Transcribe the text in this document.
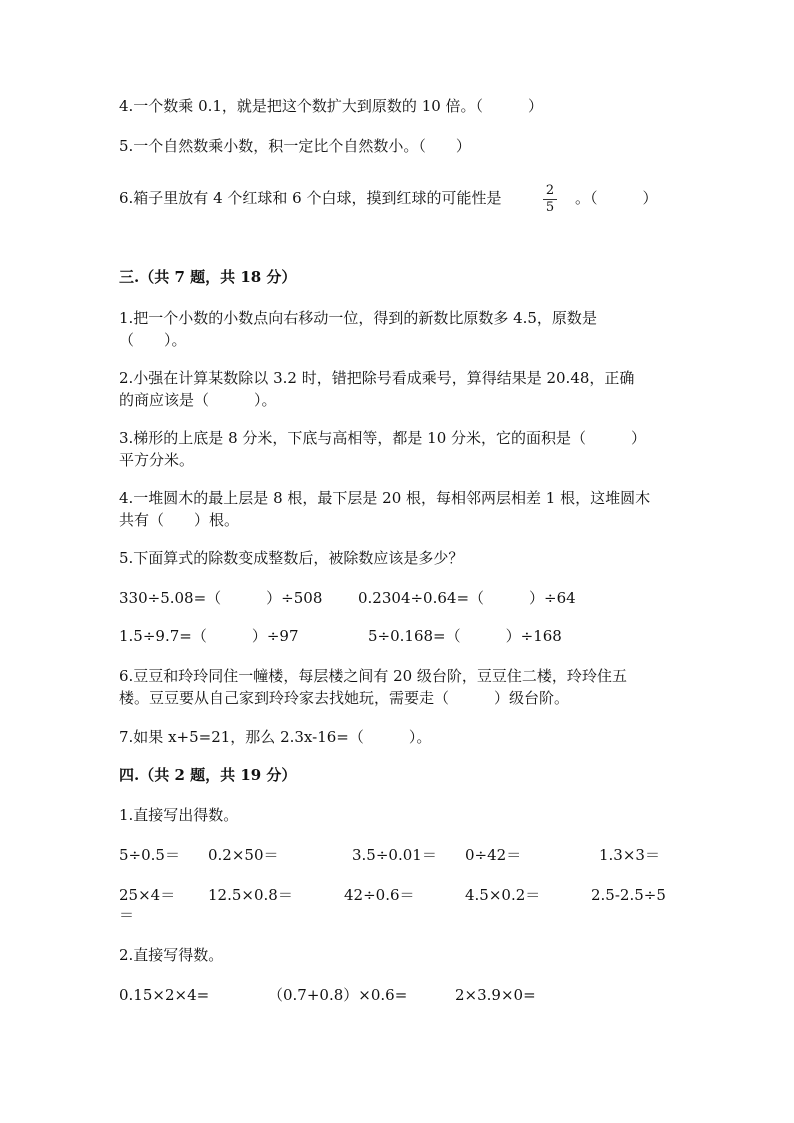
4.一个数乘 0.1，就是把这个数扩大到原数的 10 倍。（　　　）
5.一个自然数乘小数，积一定比个自然数小。（　　）
6.箱子里放有 4 个红球和 6 个白球，摸到红球的可能性是	2
5
。（　　　）
三.（共 7 题，共 18 分）
1.把一个小数的小数点向右移动一位，得到的新数比原数多 4.5，原数是
（　　）。
2.小强在计算某数除以 3.2 时，错把除号看成乘号，算得结果是 20.48，正确
的商应该是（　　　）。
3.梯形的上底是 8 分米，下底与高相等，都是 10 分米，它的面积是（　　　）
平方分米。
4.一堆圆木的最上层是 8 根，最下层是 20 根，每相邻两层相差 1 根，这堆圆木
共有（　　）根。
5.下面算式的除数变成整数后，被除数应该是多少？
330÷5.08=（　　　）÷508 0.2304÷0.64=（　　　）÷64
1.5÷9.7=（　　　）÷97	5÷0.168=（　　　）÷168
6.豆豆和玲玲同住一幢楼，每层楼之间有 20 级台阶，豆豆住二楼，玲玲住五
楼。豆豆要从自己家到玲玲家去找她玩，需要走（　　　）级台阶。
7.如果 x+5=21，那么 2.3x-16=（　　　）。
四.（共 2 题，共 19 分）
1.直接写出得数。
5÷0.5＝ 0.2×50＝	3.5÷0.01＝ 0÷42＝	1.3×3＝
25×4＝ 12.5×0.8＝	42÷0.6＝	4.5×0.2＝	2.5-2.5÷5
＝
2.直接写得数。
0.15×2×4=	（0.7+0.8）×0.6=	2×3.9×0=
